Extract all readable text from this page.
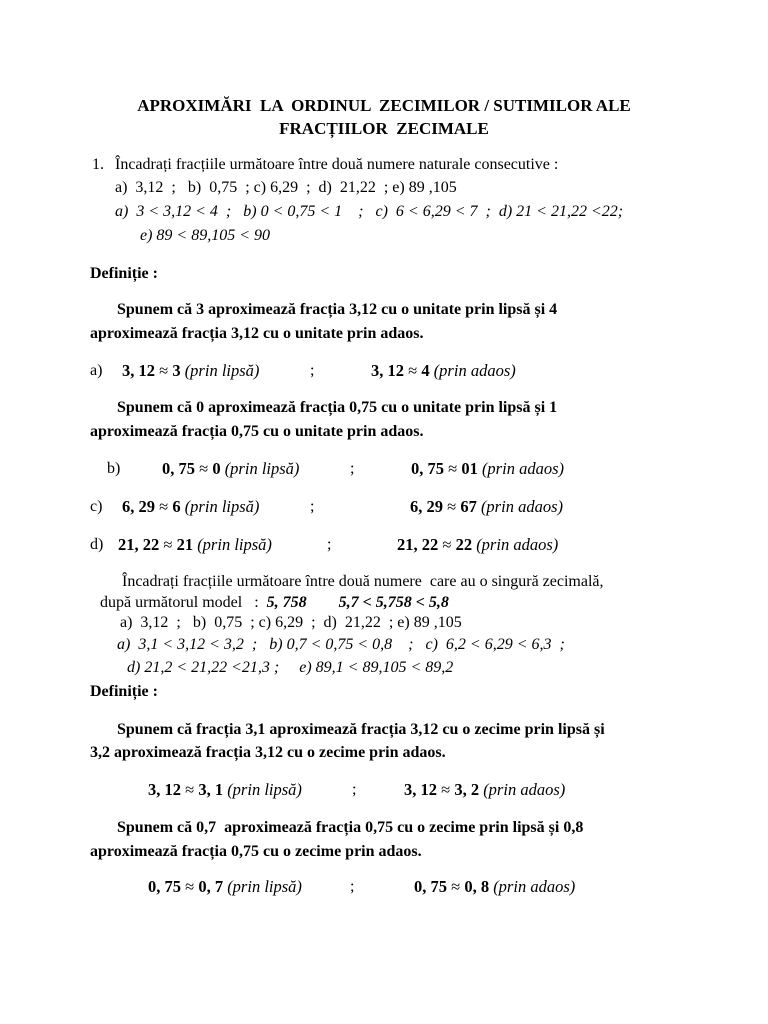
APROXIMĂRI  LA  ORDINUL  ZECIMILOR / SUTIMILOR ALE
FRACȚIILOR  ZECIMALE
1. Încadrați fracțiile următoare între două numere naturale consecutive :
a)  3,12  ;   b)  0,75  ; c) 6,29  ;  d)  21,22  ; e) 89 ,105
a)  3 < 3,12 < 4  ;   b) 0 < 0,75 < 1    ;   c)  6 < 6,29 < 7  ;  d) 21 < 21,22 <22;
e) 89 < 89,105 < 90
Definiție :
Spunem că 3 aproximează fracția 3,12 cu o unitate prin lipsă și 4
aproximează fracția 3,12 cu o unitate prin adaos.
a) 3, 12 ≈ 3 (prin lipsă)	;	3, 12 ≈ 4 (prin adaos)
Spunem că 0 aproximează fracția 0,75 cu o unitate prin lipsă și 1
aproximează fracția 0,75 cu o unitate prin adaos.
b)	0, 75 ≈ 0 (prin lipsă)	;	0, 75 ≈ 01 (prin adaos)
c) 6, 29 ≈ 6 (prin lipsă)	;	6, 29 ≈ 67 (prin adaos)
d) 21, 22 ≈ 21 (prin lipsă)	;	21, 22 ≈ 22 (prin adaos)
Încadrați fracțiile următoare între două numere  care au o singură zecimală,
după următorul model   :  5, 758 5,7 < 5,758 < 5,8
a)  3,12  ;   b)  0,75  ; c) 6,29  ;  d)  21,22  ; e) 89 ,105
a)  3,1 < 3,12 < 3,2  ;   b) 0,7 < 0,75 < 0,8    ;   c)  6,2 < 6,29 < 6,3  ;
d) 21,2 < 21,22 <21,3 ;     e) 89,1 < 89,105 < 89,2
Definiție :
Spunem că fracția 3,1 aproximează fracția 3,12 cu o zecime prin lipsă și
3,2 aproximează fracția 3,12 cu o zecime prin adaos.
3, 12 ≈ 3, 1 (prin lipsă)	;	3, 12 ≈ 3, 2 (prin adaos)
Spunem că 0,7  aproximează fracția 0,75 cu o zecime prin lipsă și 0,8
aproximează fracția 0,75 cu o zecime prin adaos.
0, 75 ≈ 0, 7 (prin lipsă)	;	0, 75 ≈ 0, 8 (prin adaos)
